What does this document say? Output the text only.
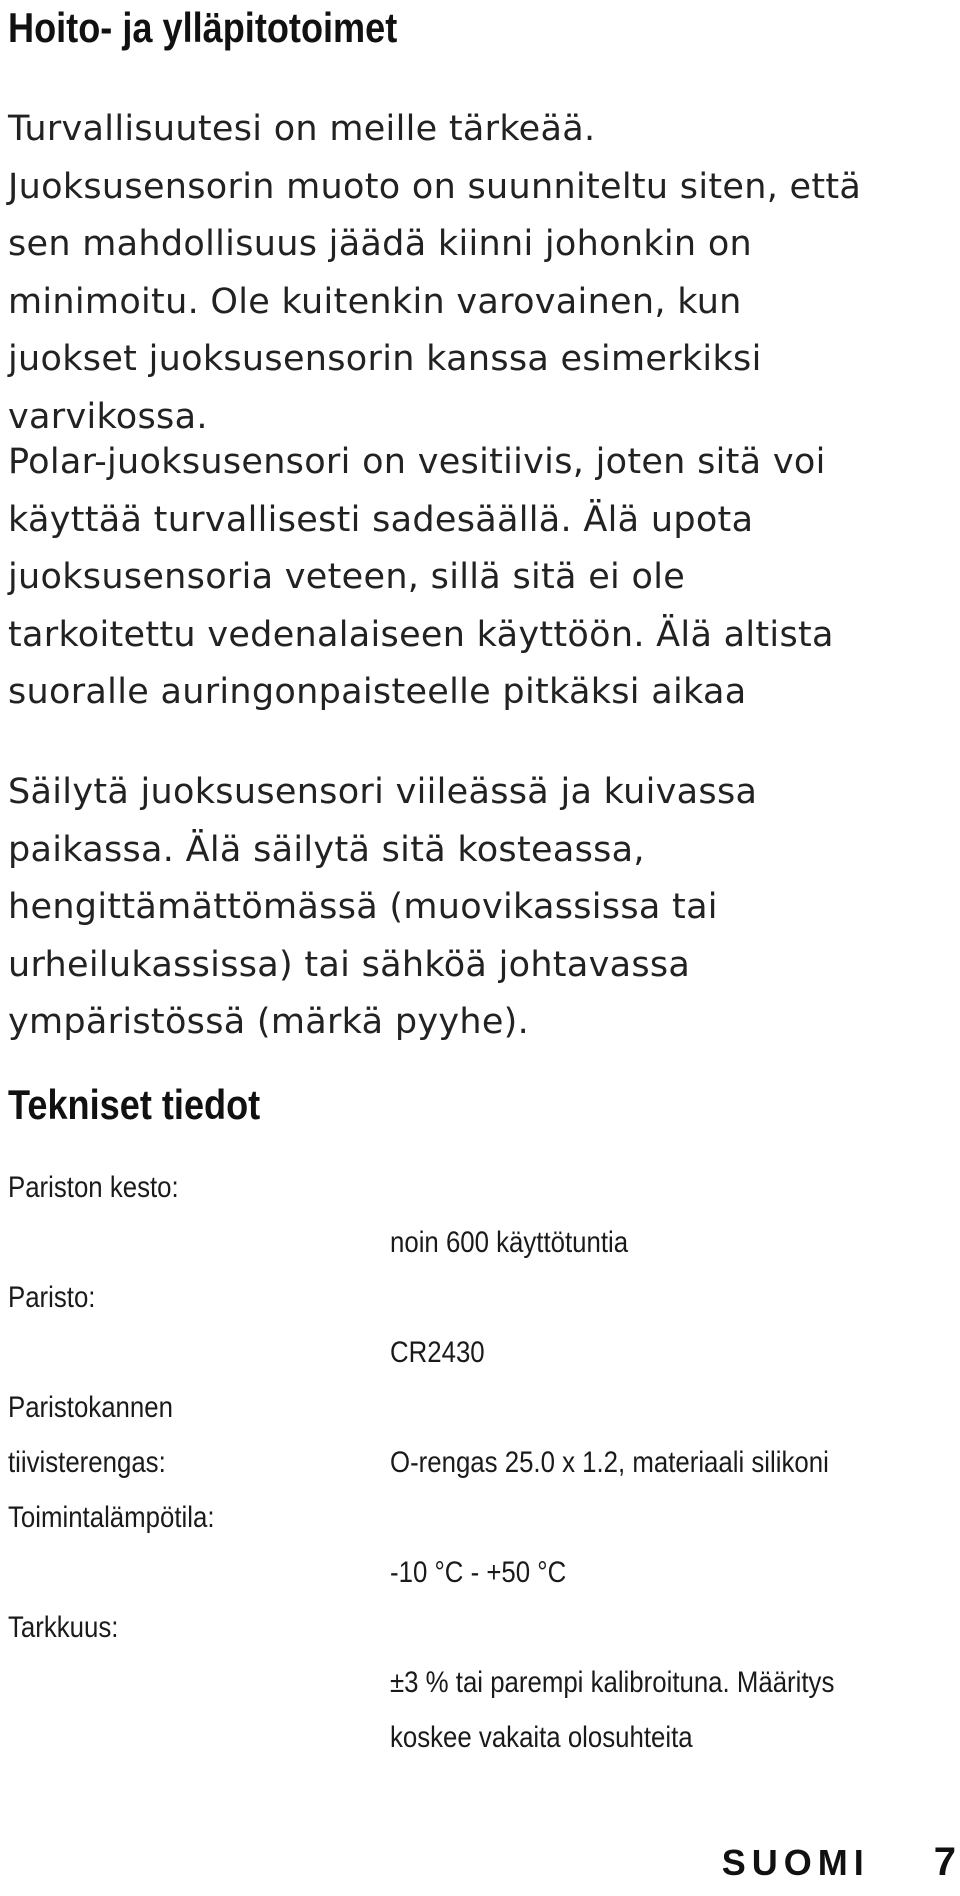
Hoito- ja ylläpitotoimet

Turvallisuutesi on meille tärkeää.
Juoksusensorin muoto on suunniteltu siten, että
sen mahdollisuus jäädä kiinni johonkin on
minimoitu. Ole kuitenkin varovainen, kun
juokset juoksusensorin kanssa esimerkiksi
varvikossa.

Polar-juoksusensori on vesitiivis, joten sitä voi
käyttää turvallisesti sadesäällä. Älä upota
juoksusensoria veteen, sillä sitä ei ole
tarkoitettu vedenalaiseen käyttöön. Älä altista
suoralle auringonpaisteelle pitkäksi aikaa

Säilytä juoksusensori viileässä ja kuivassa
paikassa. Älä säilytä sitä kosteassa,
hengittämättömässä (muovikassissa tai
urheilukassissa) tai sähköä johtavassa
ympäristössä (märkä pyyhe).

Tekniset tiedot
Pariston kesto:

noin 600 käyttötuntia

Paristo:

CR2430

Paristokannen
tiivisterengas:	O-rengas 25.0 x 1.2, materiaali silikoni

Toimintalämpötila:

-10 °C - +50 °C

Tarkkuus:

±3 % tai parempi kalibroituna. Määritys
koskee vakaita olosuhteita

SUOMI 7
